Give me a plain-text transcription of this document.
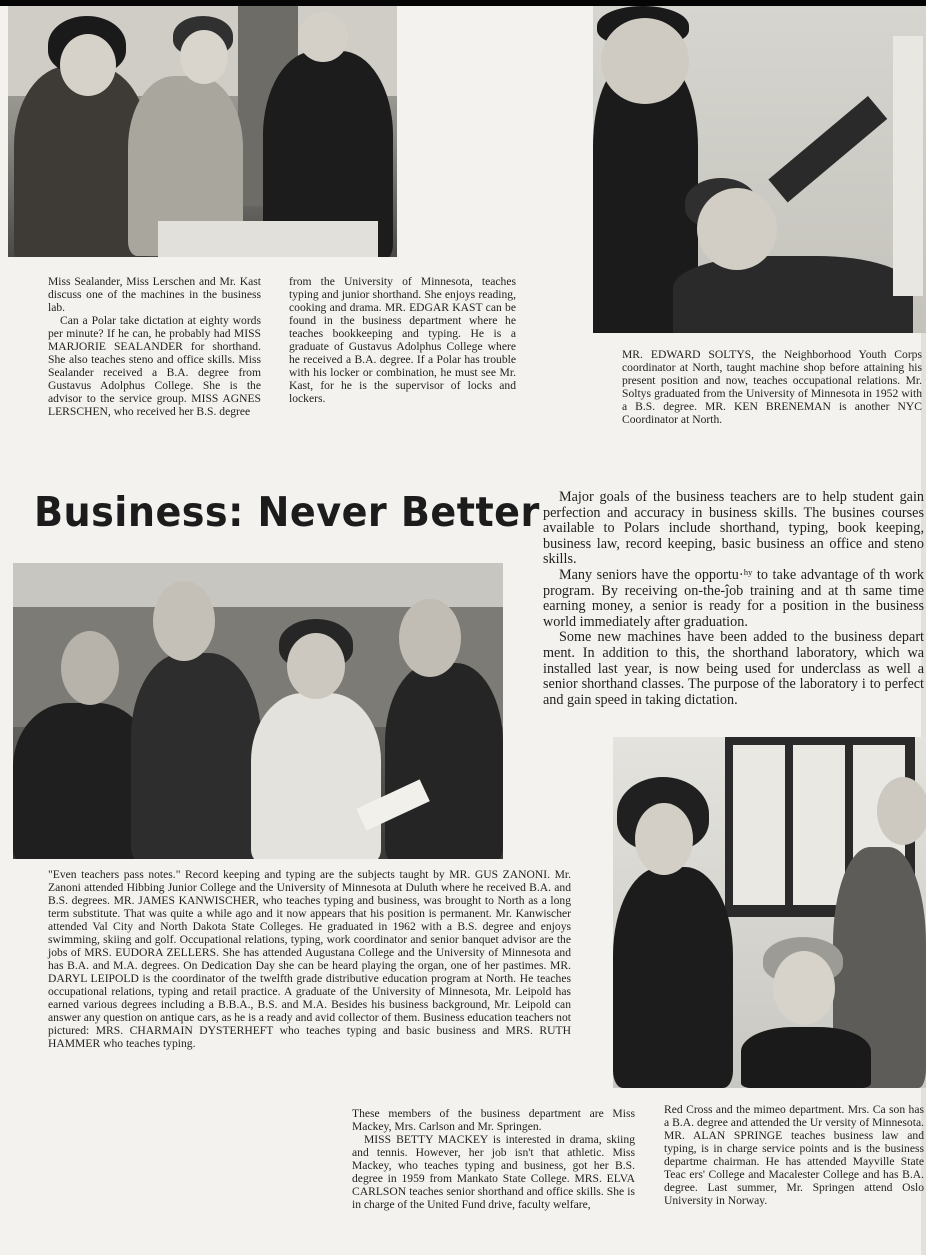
Miss Sealander, Miss Lerschen and Mr. Kast discuss one of the machines in the business lab.

Can a Polar take dictation at eighty words per minute? If he can, he probably had MISS MARJORIE SEALANDER for shorthand. She also teaches steno and office skills. Miss Sealander received a B.A. degree from Gustavus Adolphus College. She is the advisor to the service group. MISS AGNES LERSCHEN, who received her B.S. degree

from the University of Minnesota, teaches typing and junior shorthand. She enjoys reading, cooking and drama. MR. EDGAR KAST can be found in the business department where he teaches bookkeeping and typing. He is a graduate of Gustavus Adolphus College where he received a B.A. degree. If a Polar has trouble with his locker or combination, he must see Mr. Kast, for he is the supervisor of locks and lockers.

MR. EDWARD SOLTYS, the Neighborhood Youth Corps coordinator at North, taught machine shop before attaining his present position and now, teaches occupational relations. Mr. Soltys graduated from the University of Minnesota in 1952 with a B.S. degree. MR. KEN BRENEMAN is another NYC Coordinator at North.

Business: Never Better	Major goals of the business teachers are to help student gain perfection and accuracy in business skills. The busines courses available to Polars include shorthand, typing, book keeping, business law, record keeping, basic business an office and steno skills.

Many seniors have the opportu·ʰʸ to take advantage of th work program. By receiving on-the-ĵοb training and at th same time earning money, a senior is ready for a position in the business world immediately after graduation.

Some new machines have been added to the business depart ment. In addition to this, the shorthand laboratory, which wa installed last year, is now being used for underclass as well a senior shorthand classes. The purpose of the laboratory i to perfect and gain speed in taking dictation.

"Even teachers pass notes." Record keeping and typing are the subjects taught by MR. GUS ZANONI. Mr. Zanoni attended Hibbing Junior College and the University of Minnesota at Duluth where he received B.A. and B.S. degrees. MR. JAMES KANWISCHER, who teaches typing and business, was brought to North as a long term substitute. That was quite a while ago and it now appears that his position is permanent. Mr. Kanwischer attended Val City and North Dakota State Colleges. He graduated in 1962 with a B.S. degree and enjoys swimming, skiing and golf. Occupational relations, typing, work coordinator and senior banquet advisor are the jobs of MRS. EUDORA ZELLERS. She has attended Augustana College and the University of Minnesota and has B.A. and M.A. degrees. On Dedication Day she can be heard playing the organ, one of her pastimes. MR. DARYL LEIPOLD is the coordinator of the twelfth grade distributive education program at North. He teaches occupational relations, typing and retail practice. A graduate of the University of Minnesota, Mr. Leipold has earned various degrees including a B.B.A., B.S. and M.A. Besides his business background, Mr. Leipold can answer any question on antique cars, as he is a ready and avid collector of them. Business education teachers not pictured: MRS. CHARMAIN DYSTERHEFT who teaches typing and basic business and MRS. RUTH HAMMER who teaches typing.

These members of the business department are Miss Mackey, Mrs. Carlson and Mr. Springen.

MISS BETTY MACKEY is interested in drama, skiing and tennis. However, her job isn't that athletic. Miss Mackey, who teaches typing and business, got her B.S. degree in 1959 from Mankato State College. MRS. ELVA CARLSON teaches senior shorthand and office skills. She is in charge of the United Fund drive, faculty welfare,

Red Cross and the mimeo department. Mrs. Ca son has a B.A. degree and attended the Ur versity of Minnesota. MR. ALAN SPRINGE teaches business law and typing, is in charge service points and is the business departme chairman. He has attended Mayville State Teac ers' College and Macalester College and has B.A. degree. Last summer, Mr. Springen attend Oslo University in Norway.
